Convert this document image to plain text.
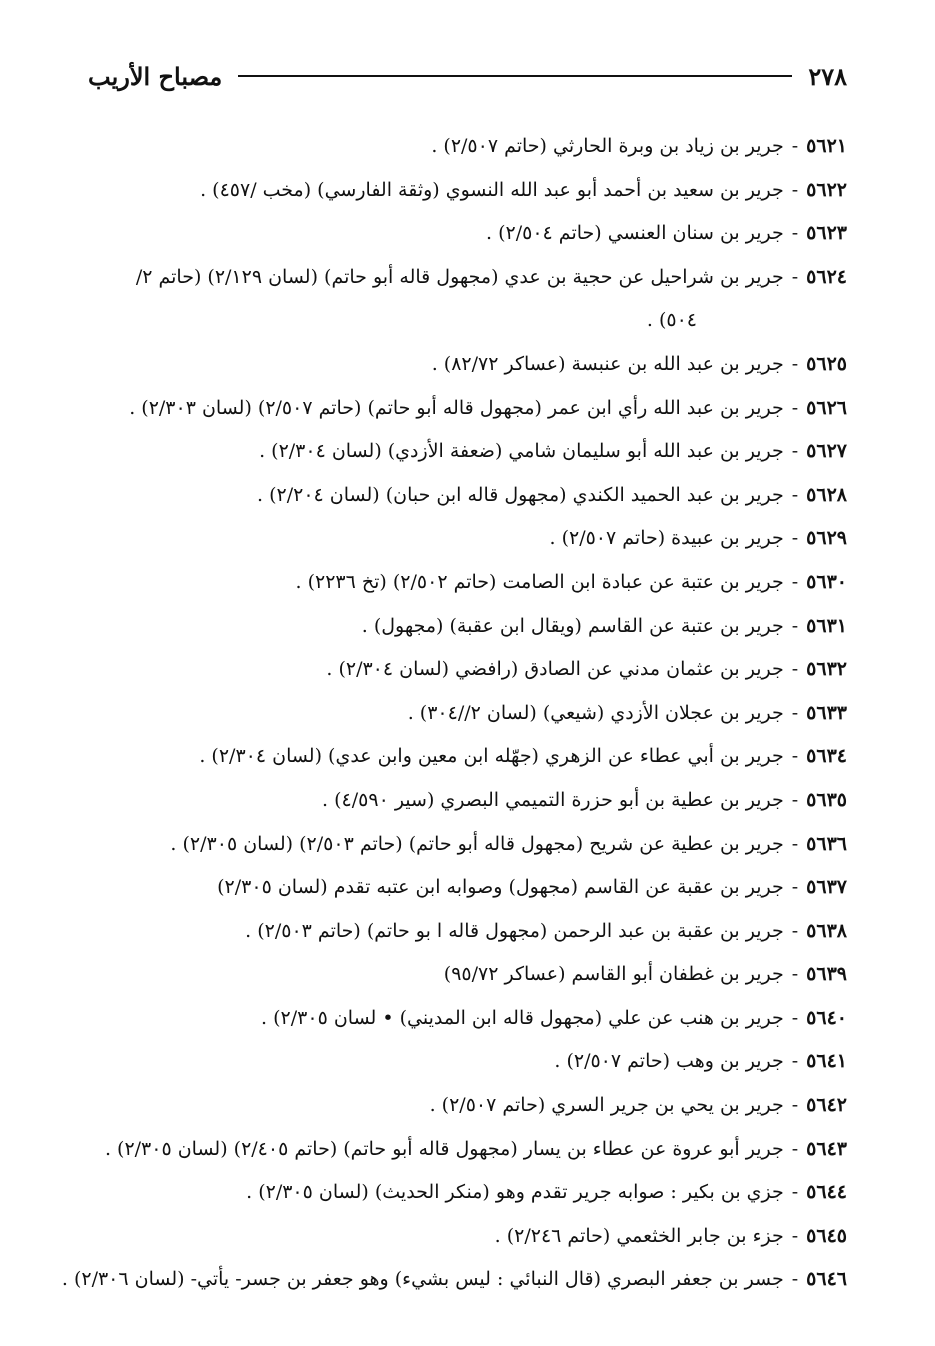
٢٧٨
مصباح الأريب
٥٦٢١-جرير بن زياد بن وبرة الحارثي (حاتم ٢/٥٠٧) .
٥٦٢٢-جرير بن سعيد بن أحمد أبو عبد الله النسوي (وثقة الفارسي) (مخب /٤٥٧) .
٥٦٢٣-جرير بن سنان العنسي (حاتم ٢/٥٠٤) .
٥٦٢٤-جرير بن شراحيل عن حجية بن عدي (مجهول قاله أبو حاتم) (لسان ٢/١٢٩) (حاتم ٢/
٥٠٤) .
٥٦٢٥-جرير بن عبد الله بن عنبسة (عساكر ٨٢/٧٢) .
٥٦٢٦-جرير بن عبد الله رأي ابن عمر (مجهول قاله أبو حاتم) (حاتم ٢/٥٠٧) (لسان ٢/٣٠٣) .
٥٦٢٧-جرير بن عبد الله أبو سليمان شامي (ضعفة الأزدي) (لسان ٢/٣٠٤) .
٥٦٢٨-جرير بن عبد الحميد الكندي (مجهول قاله ابن حبان) (لسان ٢/٢٠٤) .
٥٦٢٩-جرير بن عبيدة (حاتم ٢/٥٠٧) .
٥٦٣٠-جرير بن عتبة عن عبادة ابن الصامت (حاتم ٢/٥٠٢) (تخ ٢٢٣٦) .
٥٦٣١-جرير بن عتبة عن القاسم (ويقال ابن عقبة) (مجهول) .
٥٦٣٢-جرير بن عثمان مدني عن الصادق (رافضي (لسان ٢/٣٠٤) .
٥٦٣٣-جرير بن عجلان الأزدي (شيعي) (لسان ٢//٣٠٤) .
٥٦٣٤-جرير بن أبي عطاء عن الزهري (جهّله ابن معين وابن عدي) (لسان ٢/٣٠٤) .
٥٦٣٥-جرير بن عطية بن أبو حزرة التميمي البصري (سير ٤/٥٩٠) .
٥٦٣٦-جرير بن عطية عن شريح (مجهول قاله أبو حاتم) (حاتم ٢/٥٠٣) (لسان ٢/٣٠٥) .
٥٦٣٧-جرير بن عقبة عن القاسم (مجهول) وصوابه ابن عتبه تقدم (لسان ٢/٣٠٥)
٥٦٣٨-جرير بن عقبة بن عبد الرحمن (مجهول قاله ا بو حاتم) (حاتم ٢/٥٠٣) .
٥٦٣٩-جرير بن غطفان أبو القاسم (عساكر ٩٥/٧٢)
٥٦٤٠-جرير بن هنب عن علي (مجهول قاله ابن المديني) • لسان ٢/٣٠٥) .
٥٦٤١-جرير بن وهب (حاتم ٢/٥٠٧) .
٥٦٤٢-جرير بن يحي بن جرير السري (حاتم ٢/٥٠٧) .
٥٦٤٣-جرير أبو عروة عن عطاء بن يسار (مجهول قاله أبو حاتم) (حاتم ٢/٤٠٥) (لسان ٢/٣٠٥) .
٥٦٤٤-جزي بن بكير : صوابه جرير تقدم وهو (منكر الحديث) (لسان ٢/٣٠٥) .
٥٦٤٥-جزء بن جابر الخثعمي (حاتم ٢/٢٤٦) .
٥٦٤٦-جسر بن جعفر البصري (قال النبائي : ليس بشيء) وهو جعفر بن جسر- يأتي- (لسان ٢/٣٠٦) .
